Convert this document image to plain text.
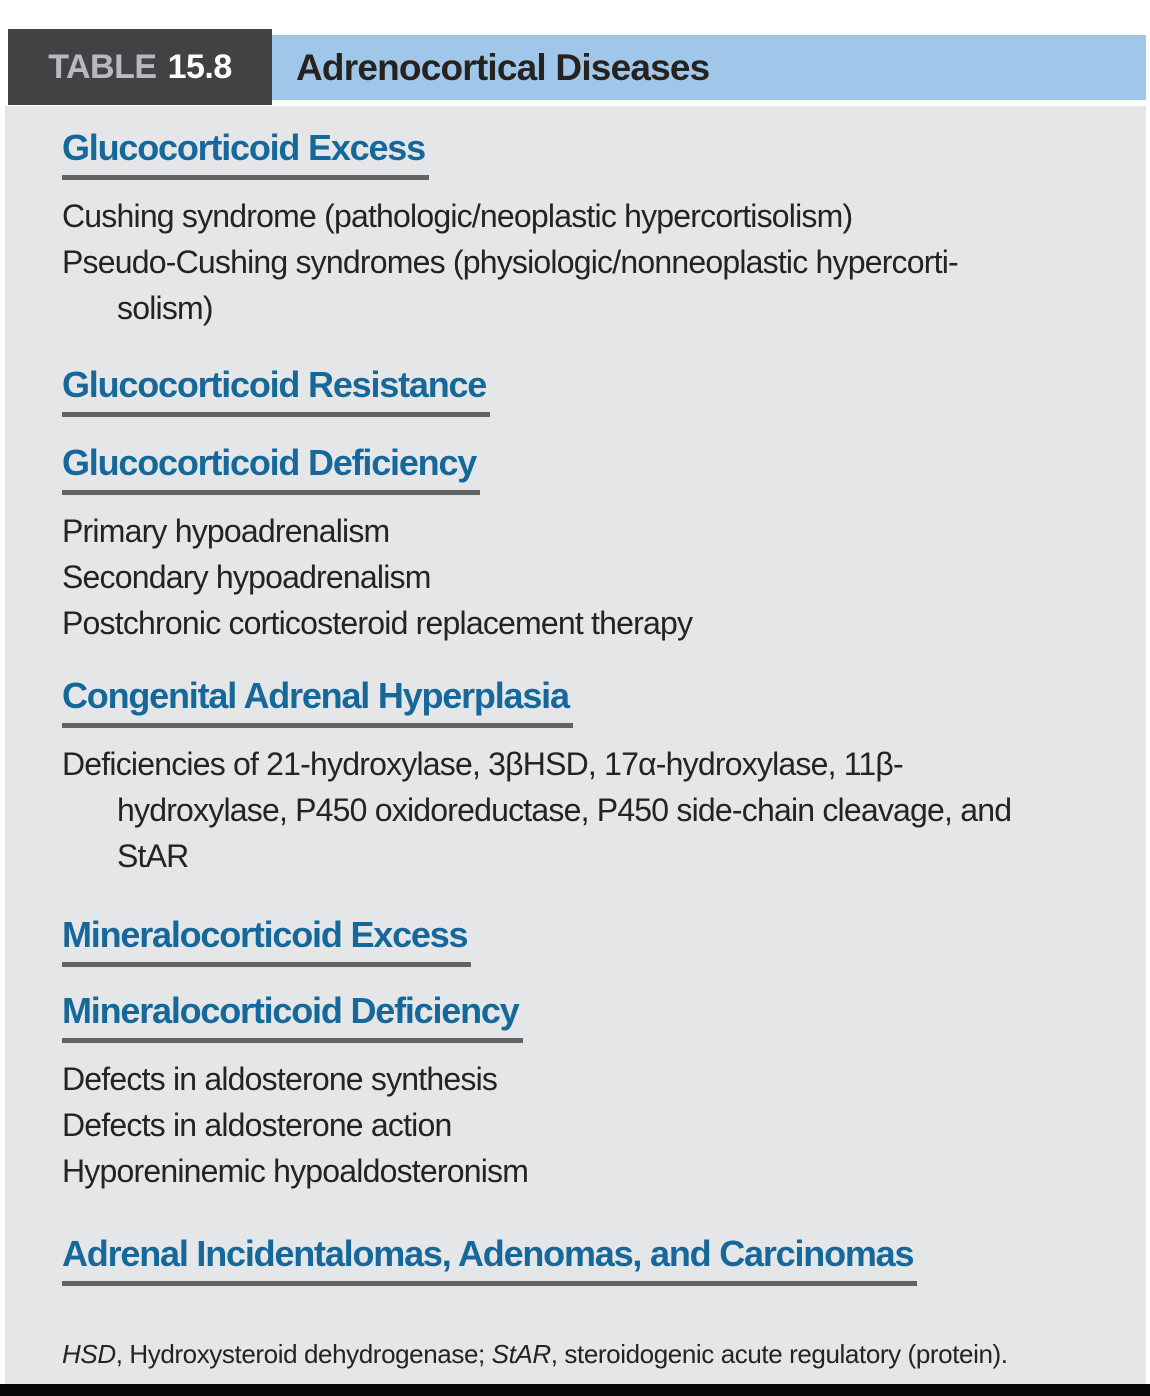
TABLE 15.8 Adrenocortical Diseases
Glucocorticoid Excess
Cushing syndrome (pathologic/neoplastic hypercortisolism)
Pseudo-Cushing syndromes (physiologic/nonneoplastic hypercorti-
solism)
Glucocorticoid Resistance
Glucocorticoid Deficiency
Primary hypoadrenalism
Secondary hypoadrenalism
Postchronic corticosteroid replacement therapy
Congenital Adrenal Hyperplasia
Deficiencies of 21-hydroxylase, 3βHSD, 17α-hydroxylase, 11β-
hydroxylase, P450 oxidoreductase, P450 side-chain cleavage, and
StAR
Mineralocorticoid Excess
Mineralocorticoid Deficiency
Defects in aldosterone synthesis
Defects in aldosterone action
Hyporeninemic hypoaldosteronism
Adrenal Incidentalomas, Adenomas, and Carcinomas
HSD, Hydroxysteroid dehydrogenase; StAR, steroidogenic acute regulatory (protein).
